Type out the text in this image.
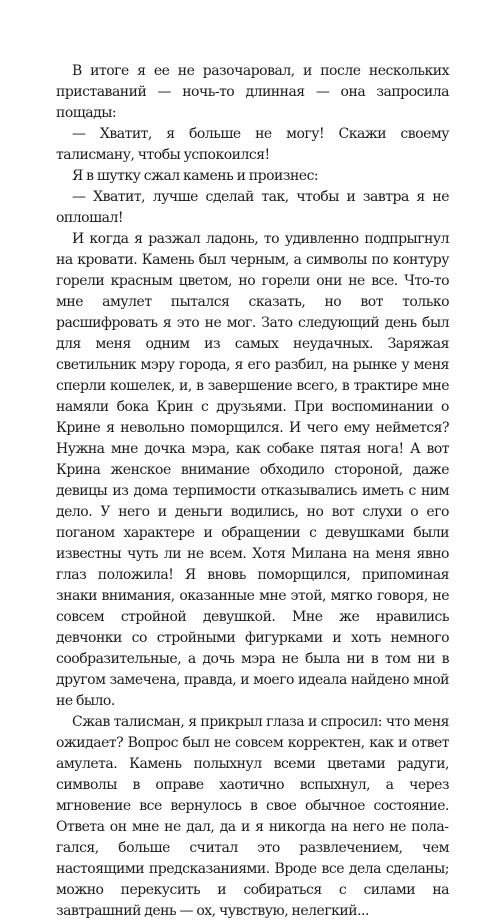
В итоге я ее не разочаровал, и после нескольких приставаний — ночь-то длинная — она запросила пощады:

— Хватит, я больше не могу! Скажи своему талисману, чтобы успокоился!

Я в шутку сжал камень и произнес:

— Хватит, лучше сделай так, чтобы и завтра я не оплошал!

И когда я разжал ладонь, то удивленно подпрыгнул на кровати. Камень был черным, а символы по контуру горели красным цветом, но горели они не все. Что-то мне амулет пытался сказать, но вот только расшифровать я это не мог. Зато следующий день был для меня одним из самых неудачных. Заряжая светильник мэру города, я его разбил, на рынке у меня сперли кошелек, и, в завершение всего, в трактире мне намяли бока Крин с друзьями. При воспоминании о Крине я невольно поморщился. И чего ему неймется? Нужна мне дочка мэра, как собаке пятая нога! А вот Крина женское внимание обходило стороной, даже девицы из дома терпимости отказывались иметь с ним дело. У него и деньги водились, но вот слухи о его поганом характере и обращении с девушками были известны чуть ли не всем. Хотя Милана на меня явно глаз положила! Я вновь поморщился, припоминая знаки внимания, оказанные мне этой, мягко говоря, не совсем стройной девушкой. Мне же нравились девчонки со стройными фигурками и хоть немного сообразительные, а дочь мэра не была ни в том ни в другом замечена, правда, и моего идеала найдено мной не было.

Сжав талисман, я прикрыл глаза и спросил: что меня ожидает? Вопрос был не совсем корректен, как и ответ амулета. Камень полыхнул всеми цветами радуги, символы в оправе хаотично вспыхнул, а через мгновение все вернулось в свое обычное состояние. Ответа он мне не дал, да и я никогда на него не полагался, больше считал это развлечением, чем настоящими предсказаниями. Вроде все дела сделаны; можно перекусить и собираться с силами на завтрашний день — ох, чувствую, нелегкий...
